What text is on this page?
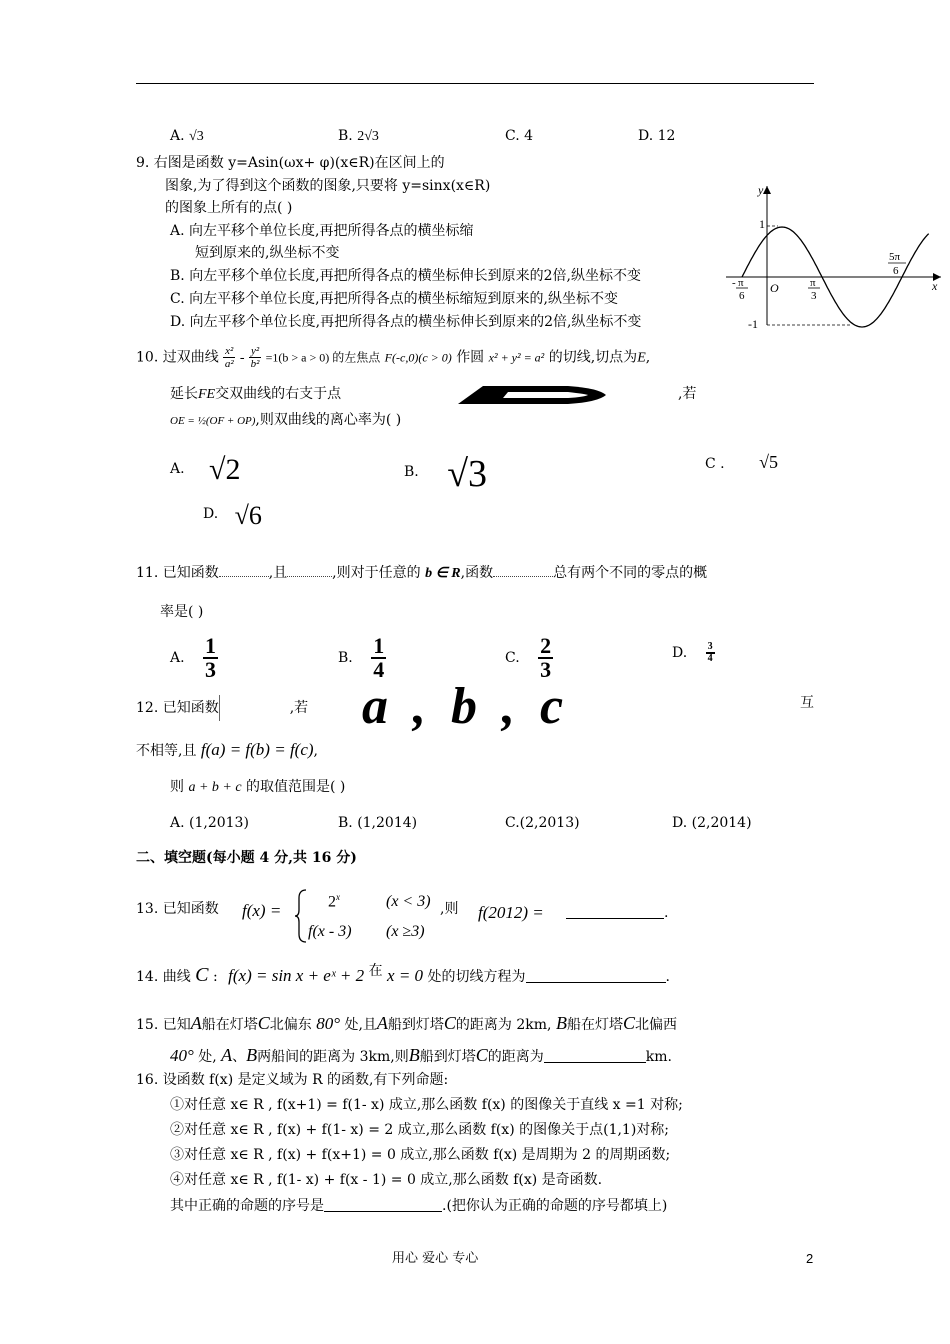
A. √3	B. 2√3	C. 4	D. 12
9. 右图是函数 y=Asin(ωx+ φ)(x∈R)在区间上的
图象,为了得到这个函数的图象,只要将 y=sinx(x∈R)
的图象上所有的点( )
A. 向左平移个单位长度,再把所得各点的横坐标缩
短到原来的,纵坐标不变
B. 向左平移个单位长度,再把所得各点的横坐标伸长到原来的2倍,纵坐标不变
C. 向左平移个单位长度,再把所得各点的横坐标缩短到原来的,纵坐标不变
D. 向左平移个单位长度,再把所得各点的横坐标伸长到原来的2倍,纵坐标不变
y
x
O
1
-1
- π
6
π
3
5π
6
10. 过双曲线 $\frac{\text{x²}}{\text{a²}} - \frac{\text{y²}}{\text{b²}} =1(b > a > 0)$ 的左焦点 F(-c,0)(c > 0) 作圆 x² + y² = a² 的切线,切点为E,
延长FE交双曲线的右支于点	,若
OE = ½(OF + OP),则双曲线的离心率为( )
A. √2	B. √3	C . √5
D. √6
11. 已知函数	,且	,则对于任意的 b ∈ R,函数	总有两个不同的零点的概
率是( )
A. $\frac{1}{3}$	B. $\frac{1}{4}$	C. $\frac{2}{3}$	D. $\frac{3}{4}$
12. 已知函数	,若 a , b , c	互
不相等,且 f(a) = f(b) = f(c),
则 a + b + c 的取值范围是( )
A. (1,2013)	B. (1,2014)	C.(2,2013)	D. (2,2014)
二、填空题(每小题 4 分,共 16 分)
13. 已知函数 f(x) =	$2^x$	(x < 3)
f(x - 3) (x ≥3)
,则 f(2012) =	.
14. 曲线 C : f(x) = sin x + eˣ + 2 在 x = 0 处的切线方程为	.
15. 已知A船在灯塔C北偏东 80° 处,且A船到灯塔C的距离为 2km, B船在灯塔C北偏西
40° 处, A、B两船间的距离为 3km,则B船到灯塔C的距离为	km.
16. 设函数 f(x) 是定义域为 R 的函数,有下列命题:
①对任意 x∈ R , f(x+1) = f(1- x) 成立,那么函数 f(x) 的图像关于直线 x =1 对称;
②对任意 x∈ R , f(x) + f(1- x) = 2 成立,那么函数 f(x) 的图像关于点(1,1)对称;
③对任意 x∈ R , f(x) + f(x+1) = 0 成立,那么函数 f(x) 是周期为 2 的周期函数;
④对任意 x∈ R , f(1- x) + f(x - 1) = 0 成立,那么函数 f(x) 是奇函数.
其中正确的命题的序号是	.(把你认为正确的命题的序号都填上)
用心 爱心 专心	2
